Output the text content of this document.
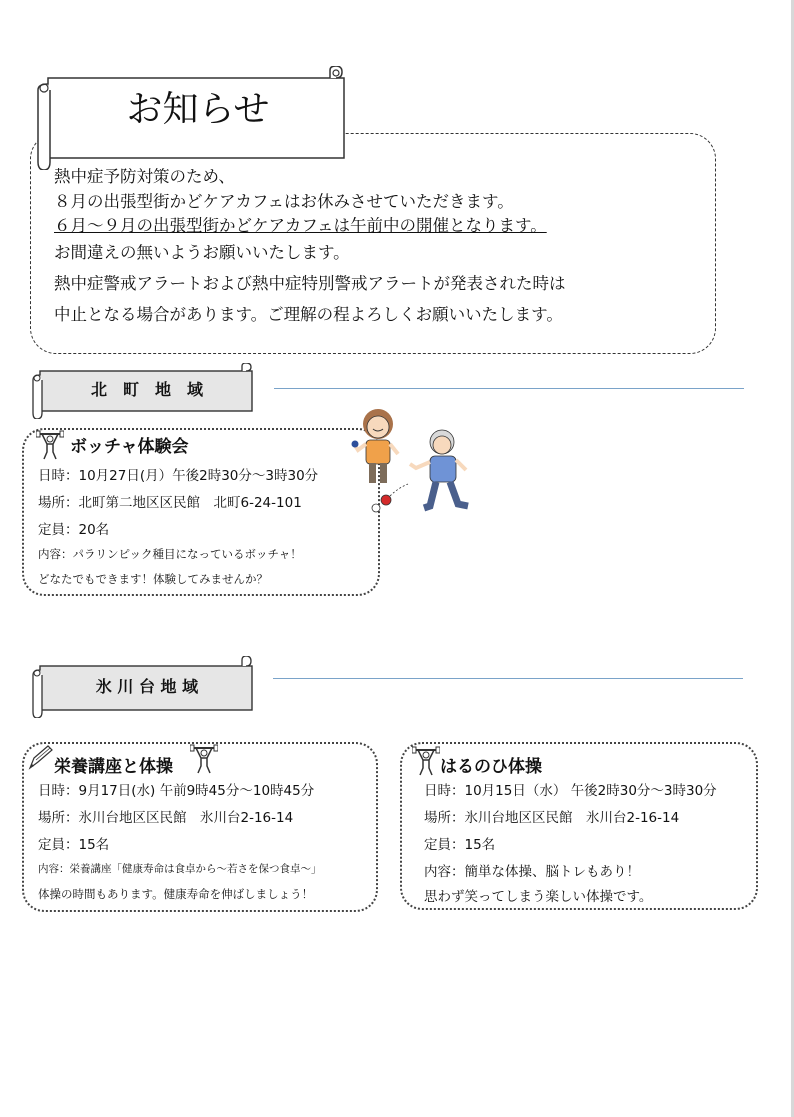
お知らせ
熱中症予防対策のため、
８月の出張型街かどケアカフェはお休みさせていただきます。
６月～９月の出張型街かどケアカフェは午前中の開催となります。
お間違えの無いようお願いいたします。
熱中症警戒アラートおよび熱中症特別警戒アラートが発表された時は
中止となる場合があります。ご理解の程よろしくお願いいたします。
北　町　地　域
ボッチャ体験会
日時：10月27日(月）午後2時30分～3時30分
場所：北町第二地区区民館　北町6-24-101
定員：20名
内容：パラリンピック種目になっているボッチャ！
どなたでもできます！体験してみませんか？
氷 川 台 地 域
栄養講座と体操
日時：9月17日(水) 午前9時45分～10時45分
場所：氷川台地区区民館　氷川台2-16-14
定員：15名
内容：栄養講座「健康寿命は食卓から～若さを保つ食卓～」
体操の時間もあります。健康寿命を伸ばしましょう！
はるのひ体操
日時：10月15日（水） 午後2時30分～3時30分
場所：氷川台地区区民館　氷川台2-16-14
定員：15名
内容：簡単な体操、脳トレもあり！
思わず笑ってしまう楽しい体操です。
